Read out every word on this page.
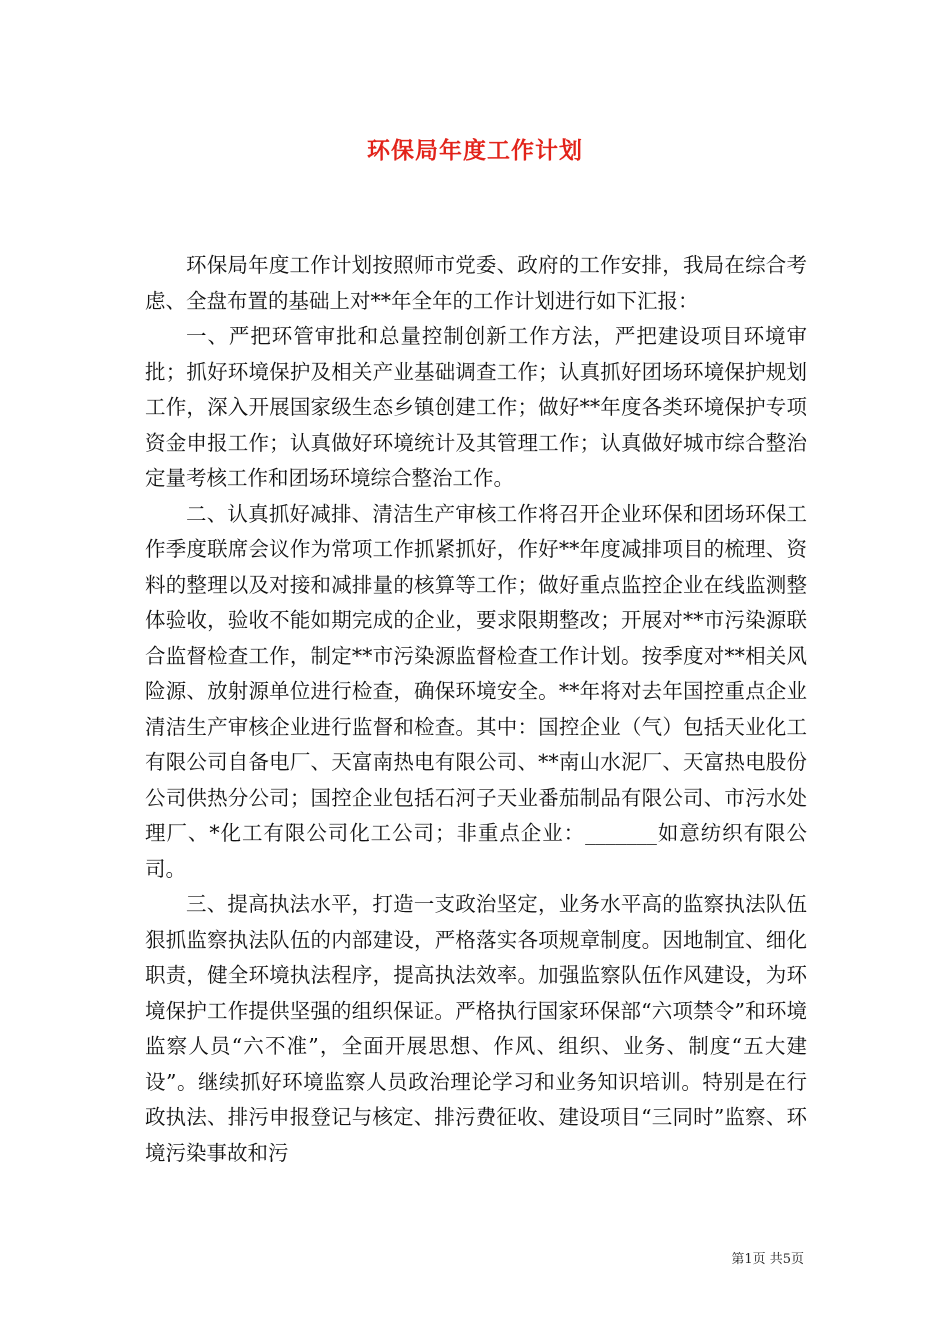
环保局年度工作计划

环保局年度工作计划按照师市党委、政府的工作安排，我局在综合考虑、全盘布置的基础上对**年全年的工作计划进行如下汇报：

一、严把环管审批和总量控制创新工作方法，严把建设项目环境审批；抓好环境保护及相关产业基础调查工作；认真抓好团场环境保护规划工作，深入开展国家级生态乡镇创建工作；做好**年度各类环境保护专项资金申报工作；认真做好环境统计及其管理工作；认真做好城市综合整治定量考核工作和团场环境综合整治工作。

二、认真抓好减排、清洁生产审核工作将召开企业环保和团场环保工作季度联席会议作为常项工作抓紧抓好，作好**年度减排项目的梳理、资料的整理以及对接和减排量的核算等工作；做好重点监控企业在线监测整体验收，验收不能如期完成的企业，要求限期整改；开展对**市污染源联合监督检查工作，制定**市污染源监督检查工作计划。按季度对**相关风险源、放射源单位进行检查，确保环境安全。**年将对去年国控重点企业清洁生产审核企业进行监督和检查。其中：国控企业（气）包括天业化工有限公司自备电厂、天富南热电有限公司、**南山水泥厂、天富热电股份公司供热分公司；国控企业包括石河子天业番茄制品有限公司、市污水处理厂、*化工有限公司化工公司；非重点企业：_______如意纺织有限公司。

三、提高执法水平，打造一支政治坚定，业务水平高的监察执法队伍狠抓监察执法队伍的内部建设，严格落实各项规章制度。因地制宜、细化职责，健全环境执法程序，提高执法效率。加强监察队伍作风建设，为环境保护工作提供坚强的组织保证。严格执行国家环保部“六项禁令”和环境监察人员“六不准”，全面开展思想、作风、组织、业务、制度“五大建设”。继续抓好环境监察人员政治理论学习和业务知识培训。特别是在行政执法、排污申报登记与核定、排污费征收、建设项目“三同时”监察、环境污染事故和污

第1页 共5页
